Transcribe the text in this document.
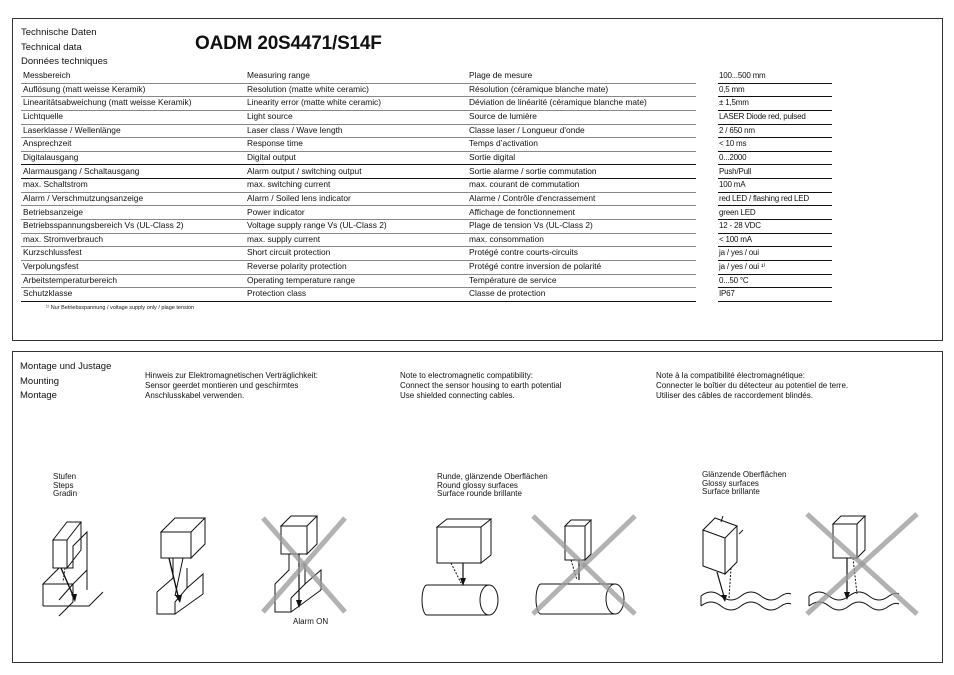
Technische Daten
Technical data
Données techniques
OADM 20S4471/S14F
Messbereich	Measuring range	Plage de mesure	100...500 mm
Auflösung (matt weisse Keramik)	Resolution (matte white ceramic)	Résolution (céramique blanche mate)	0,5 mm
Linearitätsabweichung (matt weisse Keramik)	Linearity error (matte white ceramic)	Déviation de linéarité (céramique blanche mate)	± 1,5mm
Lichtquelle	Light source	Source de lumière	LASER Diode red, pulsed
Laserklasse / Wellenlänge	Laser class / Wave length	Classe laser / Longueur d'onde	2 / 650 nm
Ansprechzeit	Response time	Temps d’activation	< 10 ms
Digitalausgang	Digital output	Sortie digital	0...2000
Alarmausgang / Schaltausgang	Alarm output / switching output	Sortie alarme / sortie commutation	Push/Pull
max. Schaltstrom	max. switching current	max. courant de commutation	100 mA
Alarm / Verschmutzungsanzeige	Alarm / Soiled lens indicator	Alarme / Contrôle d'encrassement	red LED / flashing red LED
Betriebsanzeige	Power indicator	Affichage de fonctionnement	green LED
Betriebsspannungsbereich Vs (UL-Class 2)	Voltage supply range Vs (UL-Class 2)	Plage de tension Vs (UL-Class 2)	12 - 28 VDC
max. Stromverbrauch	max. supply current	max. consommation	< 100 mA
Kurzschlussfest	Short circuit protection	Protégé contre courts-circuits	ja / yes / oui
Verpolungsfest	Reverse polarity protection	Protégé contre inversion de polarité	ja / yes / oui ¹⁾
Arbeitstemperaturbereich	Operating temperature range	Température de service	0...50 °C
Schutzklasse	Protection class	Classe de protection	IP67
¹⁾ Nur Betriebsspannung / voltage supply only / plage tension
Montage und Justage
Mounting
Montage
Hinweis zur Elektromagnetischen Verträglichkeit:
Sensor geerdet montieren und geschirmtes
Anschlusskabel verwenden.
Note to electromagnetic compatibility:
Connect the sensor housing to earth potential
Use shielded connecting cables.
Note à la compatibilité électromagnétique:
Connecter le boîtier du détecteur au potentiel de terre.
Utiliser des câbles de raccordement blindés.
Stufen
Steps
Gradin
Runde, glänzende Oberflächen
Round glossy surfaces
Surface rounde brillante
Glänzende Oberflächen
Glossy surfaces
Surface brillante
Alarm ON
